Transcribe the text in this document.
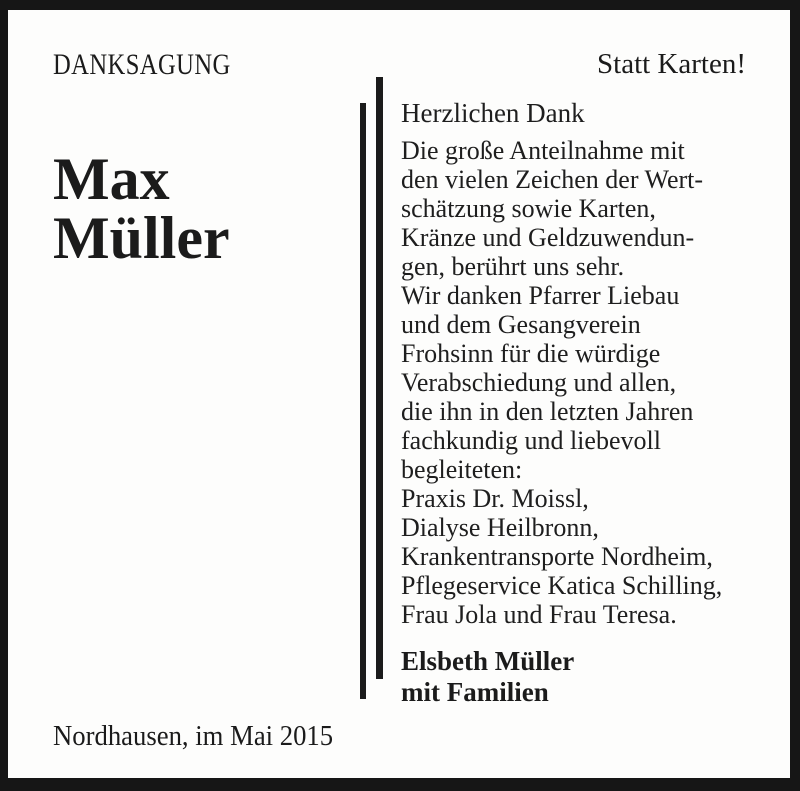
DANKSAGUNG	Statt Karten!
Max
Müller
Herzlichen Dank
Die große Anteilnahme mit
den vielen Zeichen der Wert-
schätzung sowie Karten,
Kränze und Geldzuwendun-
gen, berührt uns sehr.
Wir danken Pfarrer Liebau
und dem Gesangverein
Frohsinn für die würdige
Verabschiedung und allen,
die ihn in den letzten Jahren
fachkundig und liebevoll
begleiteten:
Praxis Dr. Moissl,
Dialyse Heilbronn,
Krankentransporte Nordheim,
Pflegeservice Katica Schilling,
Frau Jola und Frau Teresa.
Elsbeth Müller
mit Familien
Nordhausen, im Mai 2015
